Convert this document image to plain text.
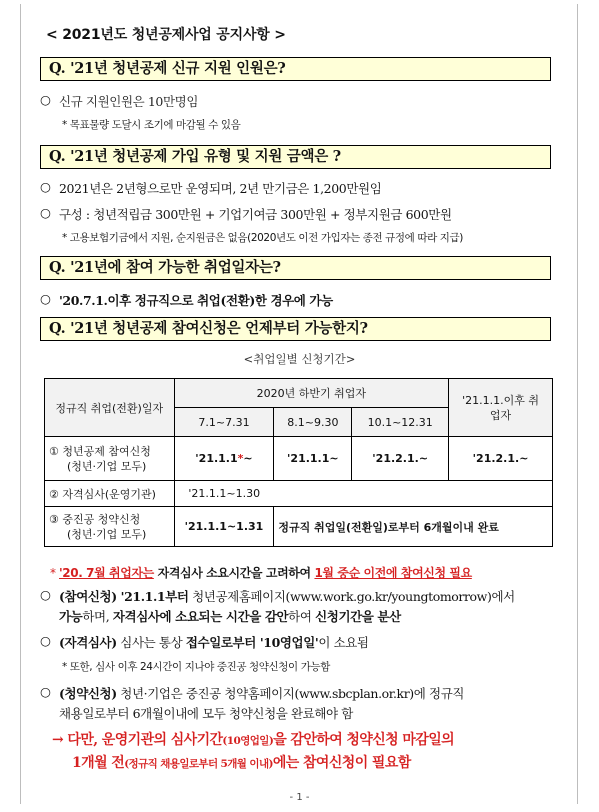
< 2021년도 청년공제사업 공지사항 >
Q. '21년 청년공제 신규 지원 인원은?
○ 신규 지원인원은 10만명임
* 목표물량 도달시 조기에 마감될 수 있음
Q. '21년 청년공제 가입 유형 및 지원 금액은 ?
○ 2021년은 2년형으로만 운영되며, 2년 만기금은 1,200만원임
○ 구성 : 청년적립금 300만원 + 기업기여금 300만원 + 정부지원금 600만원
* 고용보험기금에서 지원, 순지원금은 없음(2020년도 이전 가입자는 종전 규정에 따라 지급)
Q. '21년에 참여 가능한 취업일자는?
○ '20.7.1.이후 정규직으로 취업(전환)한 경우에 가능
Q. '21년 청년공제 참여신청은 언제부터 가능한지?
<취업일별 신청기간>
정규직 취업(전환)일자	2020년 하반기 취업자			'21.1.1.이후 취업자
	7.1~7.31	8.1~9.30	10.1~12.31	

① 청년공제 참여신청
(청년·기업 모두)	'21.1.1*~	'21.1.1~	'21.2.1.~	'21.2.1.~
② 자격심사(운영기관)	'21.1.1~1.30			

③ 중진공 청약신청
(청년·기업 모두)	'21.1.1~1.31	정규직 취업일(전환일)로부터 6개월이내 완료		
* '20. 7월 취업자는 자격심사 소요시간을 고려하여 1월 중순 이전에 참여신청 필요
○ (참여신청) '21.1.1부터 청년공제홈페이지(www.work.go.kr/youngtomorrow)에서
가능하며, 자격심사에 소요되는 시간을 감안하여 신청기간을 분산
○ (자격심사) 심사는 통상 접수일로부터 '10영업일'이 소요됨
* 또한, 심사 이후 24시간이 지나야 중진공 청약신청이 가능함
○ (청약신청) 청년·기업은 중진공 청약홈페이지(www.sbcplan.or.kr)에 정규직
채용일로부터 6개월이내에 모두 청약신청을 완료해야 함
→ 다만, 운영기관의 심사기간(10영업일)을 감안하여 청약신청 마감일의
1개월 전(정규직 채용일로부터 5개월 이내)에는 참여신청이 필요함
- 1 -
